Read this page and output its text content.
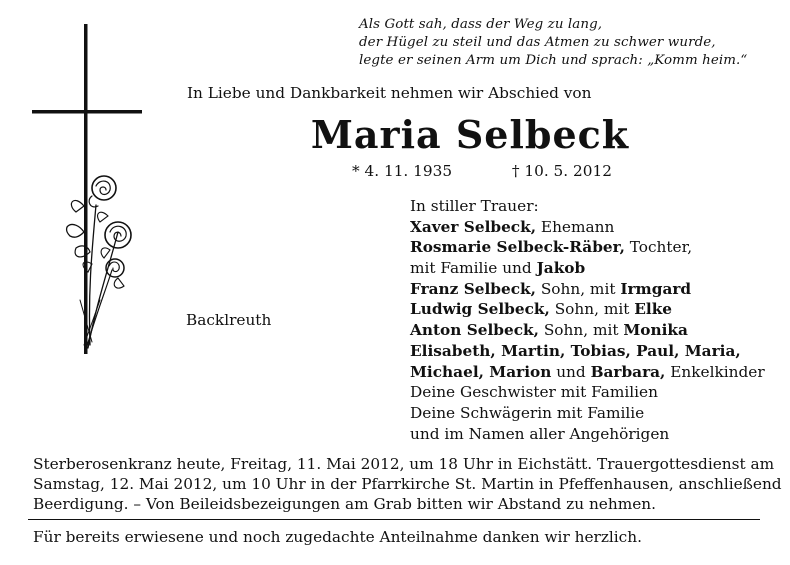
Als Gott sah, dass der Weg zu lang,
der Hügel zu steil und das Atmen zu schwer wurde,
legte er seinen Arm um Dich und sprach: „Komm heim.“
In Liebe und Dankbarkeit nehmen wir Abschied von
Maria Selbeck
* 4. 11. 1935	† 10. 5. 2012
Backlreuth
In stiller Trauer:
Xaver Selbeck, Ehemann
Rosmarie Selbeck-Räber, Tochter,
mit Familie und Jakob
Franz Selbeck, Sohn, mit Irmgard
Ludwig Selbeck, Sohn, mit Elke
Anton Selbeck, Sohn, mit Monika
Elisabeth, Martin, Tobias, Paul, Maria,
Michael, Marion und Barbara, Enkelkinder
Deine Geschwister mit Familien
Deine Schwägerin mit Familie
und im Namen aller Angehörigen
Sterberosenkranz heute, Freitag, 11. Mai 2012, um 18 Uhr in Eichstätt. Trauergottesdienst am
Samstag, 12. Mai 2012, um 10 Uhr in der Pfarrkirche St. Martin in Pfeffenhausen, anschließend
Beerdigung. – Von Beileidsbezeigungen am Grab bitten wir Abstand zu nehmen.
Für bereits erwiesene und noch zugedachte Anteilnahme danken wir herzlich.
